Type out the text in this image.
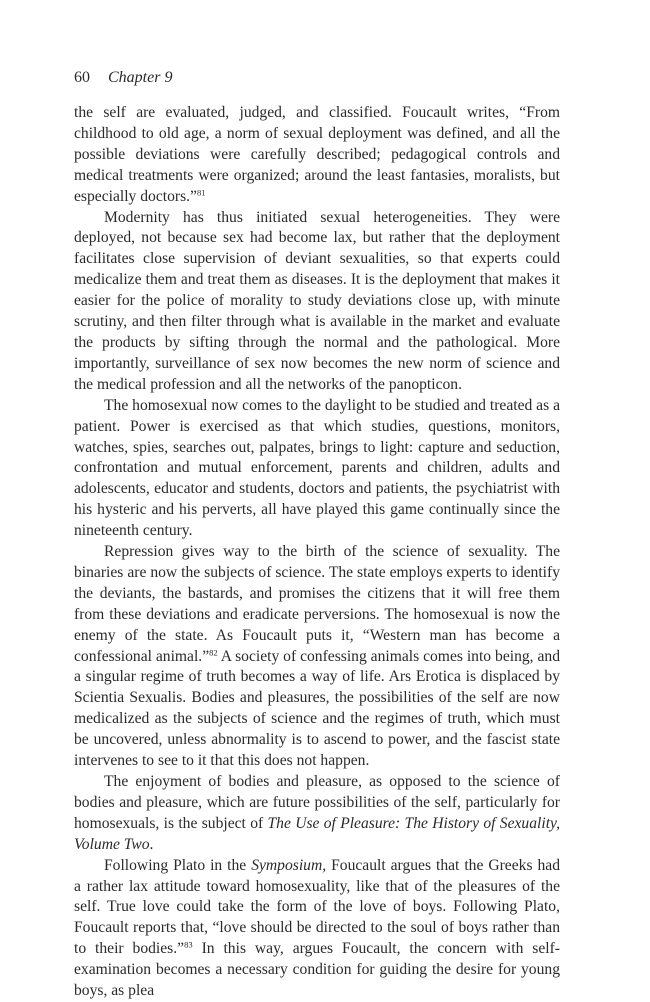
60 Chapter 9

the self are evaluated, judged, and classified. Foucault writes, “From childhood to old age, a norm of sexual deployment was defined, and all the possible deviations were carefully described; pedagogical controls and medical treatments were organized; around the least fantasies, moralists, but especially doctors.”$^{81}$

Modernity has thus initiated sexual heterogeneities. They were deployed, not because sex had become lax, but rather that the deployment facilitates close supervision of deviant sexualities, so that experts could medicalize them and treat them as diseases. It is the deployment that makes it easier for the police of morality to study deviations close up, with minute scrutiny, and then filter through what is available in the market and evaluate the products by sifting through the normal and the pathological. More importantly, surveillance of sex now becomes the new norm of science and the medical profession and all the networks of the panopticon.

The homosexual now comes to the daylight to be studied and treated as a patient. Power is exercised as that which studies, questions, monitors, watches, spies, searches out, palpates, brings to light: capture and seduction, confrontation and mutual enforcement, parents and children, adults and adolescents, educator and students, doctors and patients, the psychiatrist with his hysteric and his perverts, all have played this game continually since the nineteenth century.

Repression gives way to the birth of the science of sexuality. The binaries are now the subjects of science. The state employs experts to identify the deviants, the bastards, and promises the citizens that it will free them from these deviations and eradicate perversions. The homosexual is now the enemy of the state. As Foucault puts it, “Western man has become a confessional animal.”$^{82}$ A society of confessing animals comes into being, and a singular regime of truth becomes a way of life. Ars Erotica is displaced by Scientia Sexualis. Bodies and pleasures, the possibilities of the self are now medicalized as the subjects of science and the regimes of truth, which must be uncovered, unless abnormality is to ascend to power, and the fascist state intervenes to see to it that this does not happen.

The enjoyment of bodies and pleasure, as opposed to the science of bodies and pleasure, which are future possibilities of the self, particularly for homosexuals, is the subject of The Use of Pleasure: The History of Sexuality, Volume Two.

Following Plato in the Symposium, Foucault argues that the Greeks had a rather lax attitude toward homosexuality, like that of the pleasures of the self. True love could take the form of the love of boys. Following Plato, Foucault reports that, “love should be directed to the soul of boys rather than to their bodies.”$^{83}$ In this way, argues Foucault, the concern with self-examination becomes a necessary condition for guiding the desire for young boys, as plea
